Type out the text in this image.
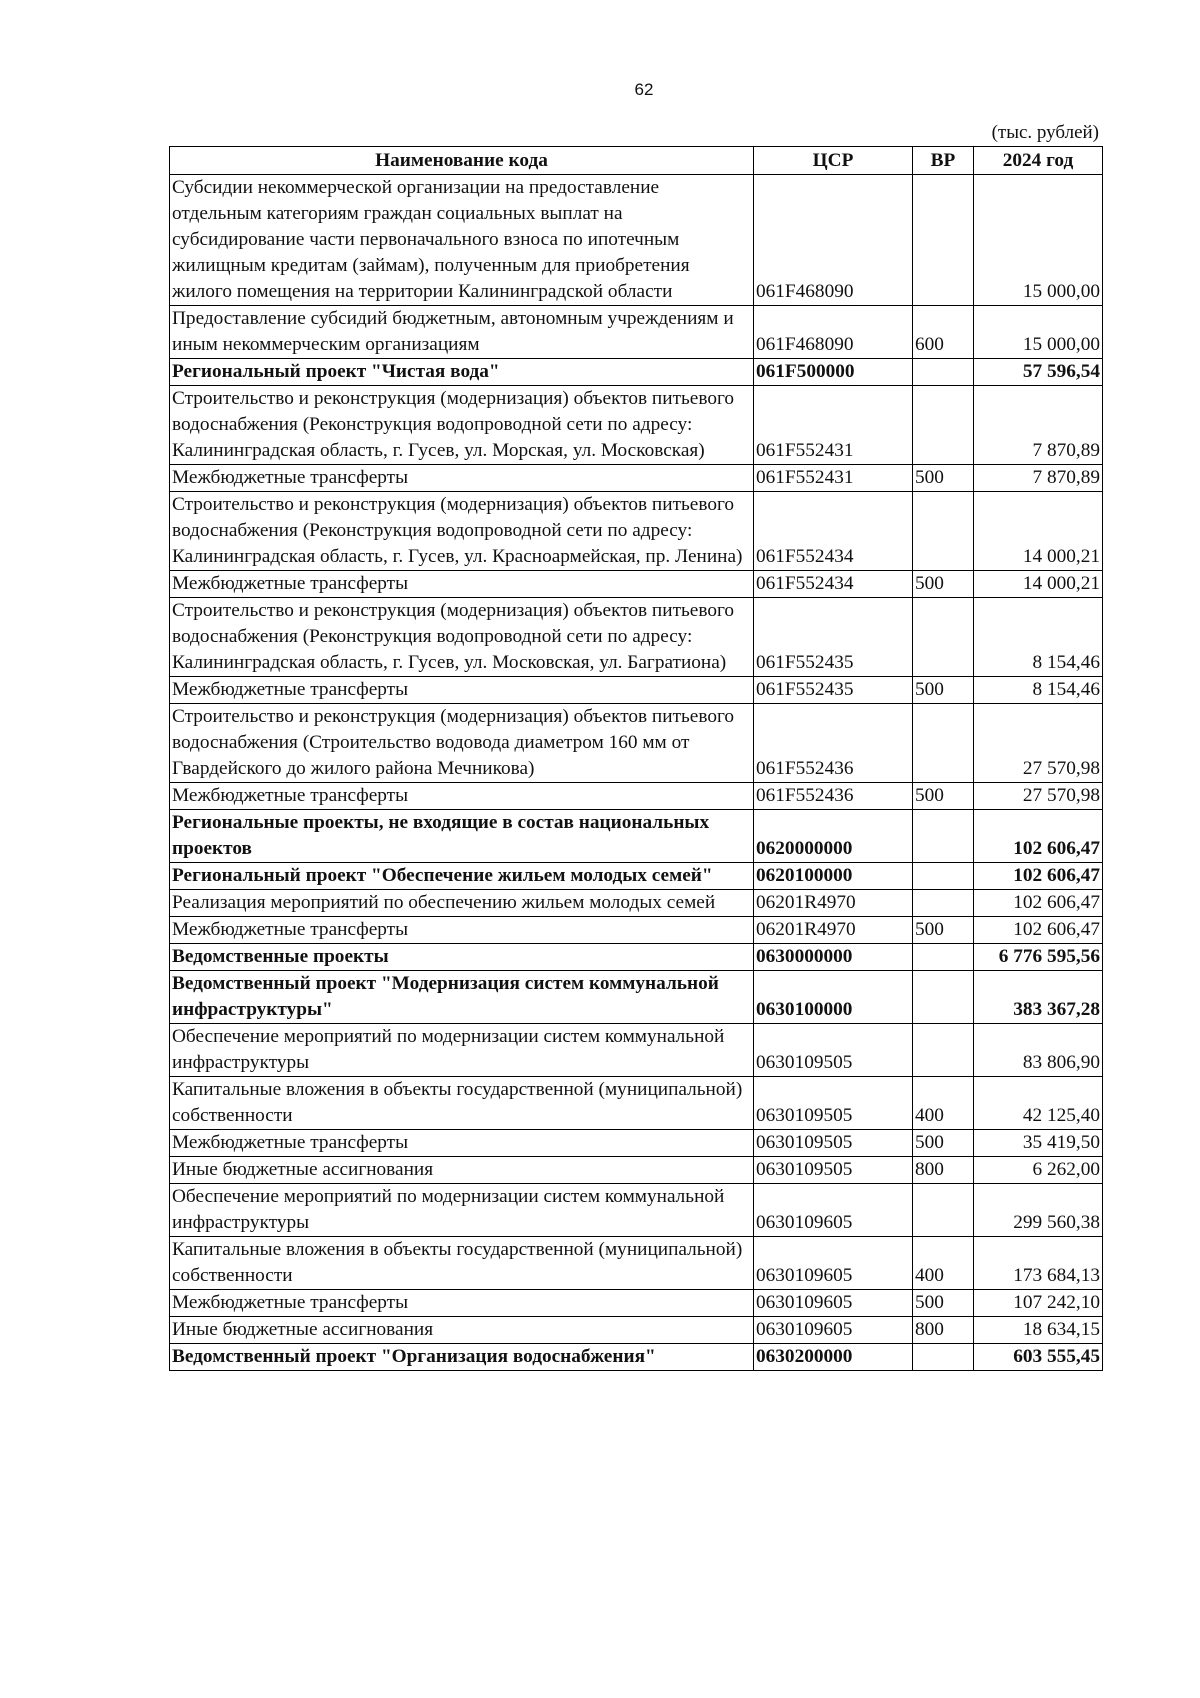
62
(тыс. рублей)
Наименование кода	ЦСР	ВР	2024 год
Субсидии некоммерческой организации на предоставление отдельным категориям граждан социальных выплат на субсидирование части первоначального взноса по ипотечным жилищным кредитам (займам), полученным для приобретения жилого помещения на территории Калининградской области	061F468090		15 000,00
Предоставление субсидий бюджетным, автономным учреждениям и иным некоммерческим организациям	061F468090	600	15 000,00
Региональный проект "Чистая вода"	061F500000		57 596,54
Строительство и реконструкция (модернизация) объектов питьевого водоснабжения (Реконструкция водопроводной сети по адресу: Калининградская область, г. Гусев, ул. Морская, ул. Московская)	061F552431		7 870,89
Межбюджетные трансферты	061F552431	500	7 870,89
Строительство и реконструкция (модернизация) объектов питьевого водоснабжения (Реконструкция водопроводной сети по адресу: Калининградская область, г. Гусев, ул. Красноармейская, пр. Ленина)	061F552434		14 000,21
Межбюджетные трансферты	061F552434	500	14 000,21
Строительство и реконструкция (модернизация) объектов питьевого водоснабжения (Реконструкция водопроводной сети по адресу: Калининградская область, г. Гусев, ул. Московская, ул. Багратиона)	061F552435		8 154,46
Межбюджетные трансферты	061F552435	500	8 154,46
Строительство и реконструкция (модернизация) объектов питьевого водоснабжения (Строительство водовода диаметром 160 мм от Гвардейского до жилого района Мечникова)	061F552436		27 570,98
Межбюджетные трансферты	061F552436	500	27 570,98
Региональные проекты, не входящие в состав национальных проектов	0620000000		102 606,47
Региональный проект "Обеспечение жильем молодых семей"	0620100000		102 606,47
Реализация мероприятий по обеспечению жильем молодых семей	06201R4970		102 606,47
Межбюджетные трансферты	06201R4970	500	102 606,47
Ведомственные проекты	0630000000		6 776 595,56
Ведомственный проект "Модернизация систем коммунальной инфраструктуры"	0630100000		383 367,28
Обеспечение мероприятий по модернизации систем коммунальной инфраструктуры	0630109505		83 806,90
Капитальные вложения в объекты государственной (муниципальной) собственности	0630109505	400	42 125,40
Межбюджетные трансферты	0630109505	500	35 419,50
Иные бюджетные ассигнования	0630109505	800	6 262,00
Обеспечение мероприятий по модернизации систем коммунальной инфраструктуры	0630109605		299 560,38
Капитальные вложения в объекты государственной (муниципальной) собственности	0630109605	400	173 684,13
Межбюджетные трансферты	0630109605	500	107 242,10
Иные бюджетные ассигнования	0630109605	800	18 634,15
Ведомственный проект "Организация водоснабжения"	0630200000		603 555,45
